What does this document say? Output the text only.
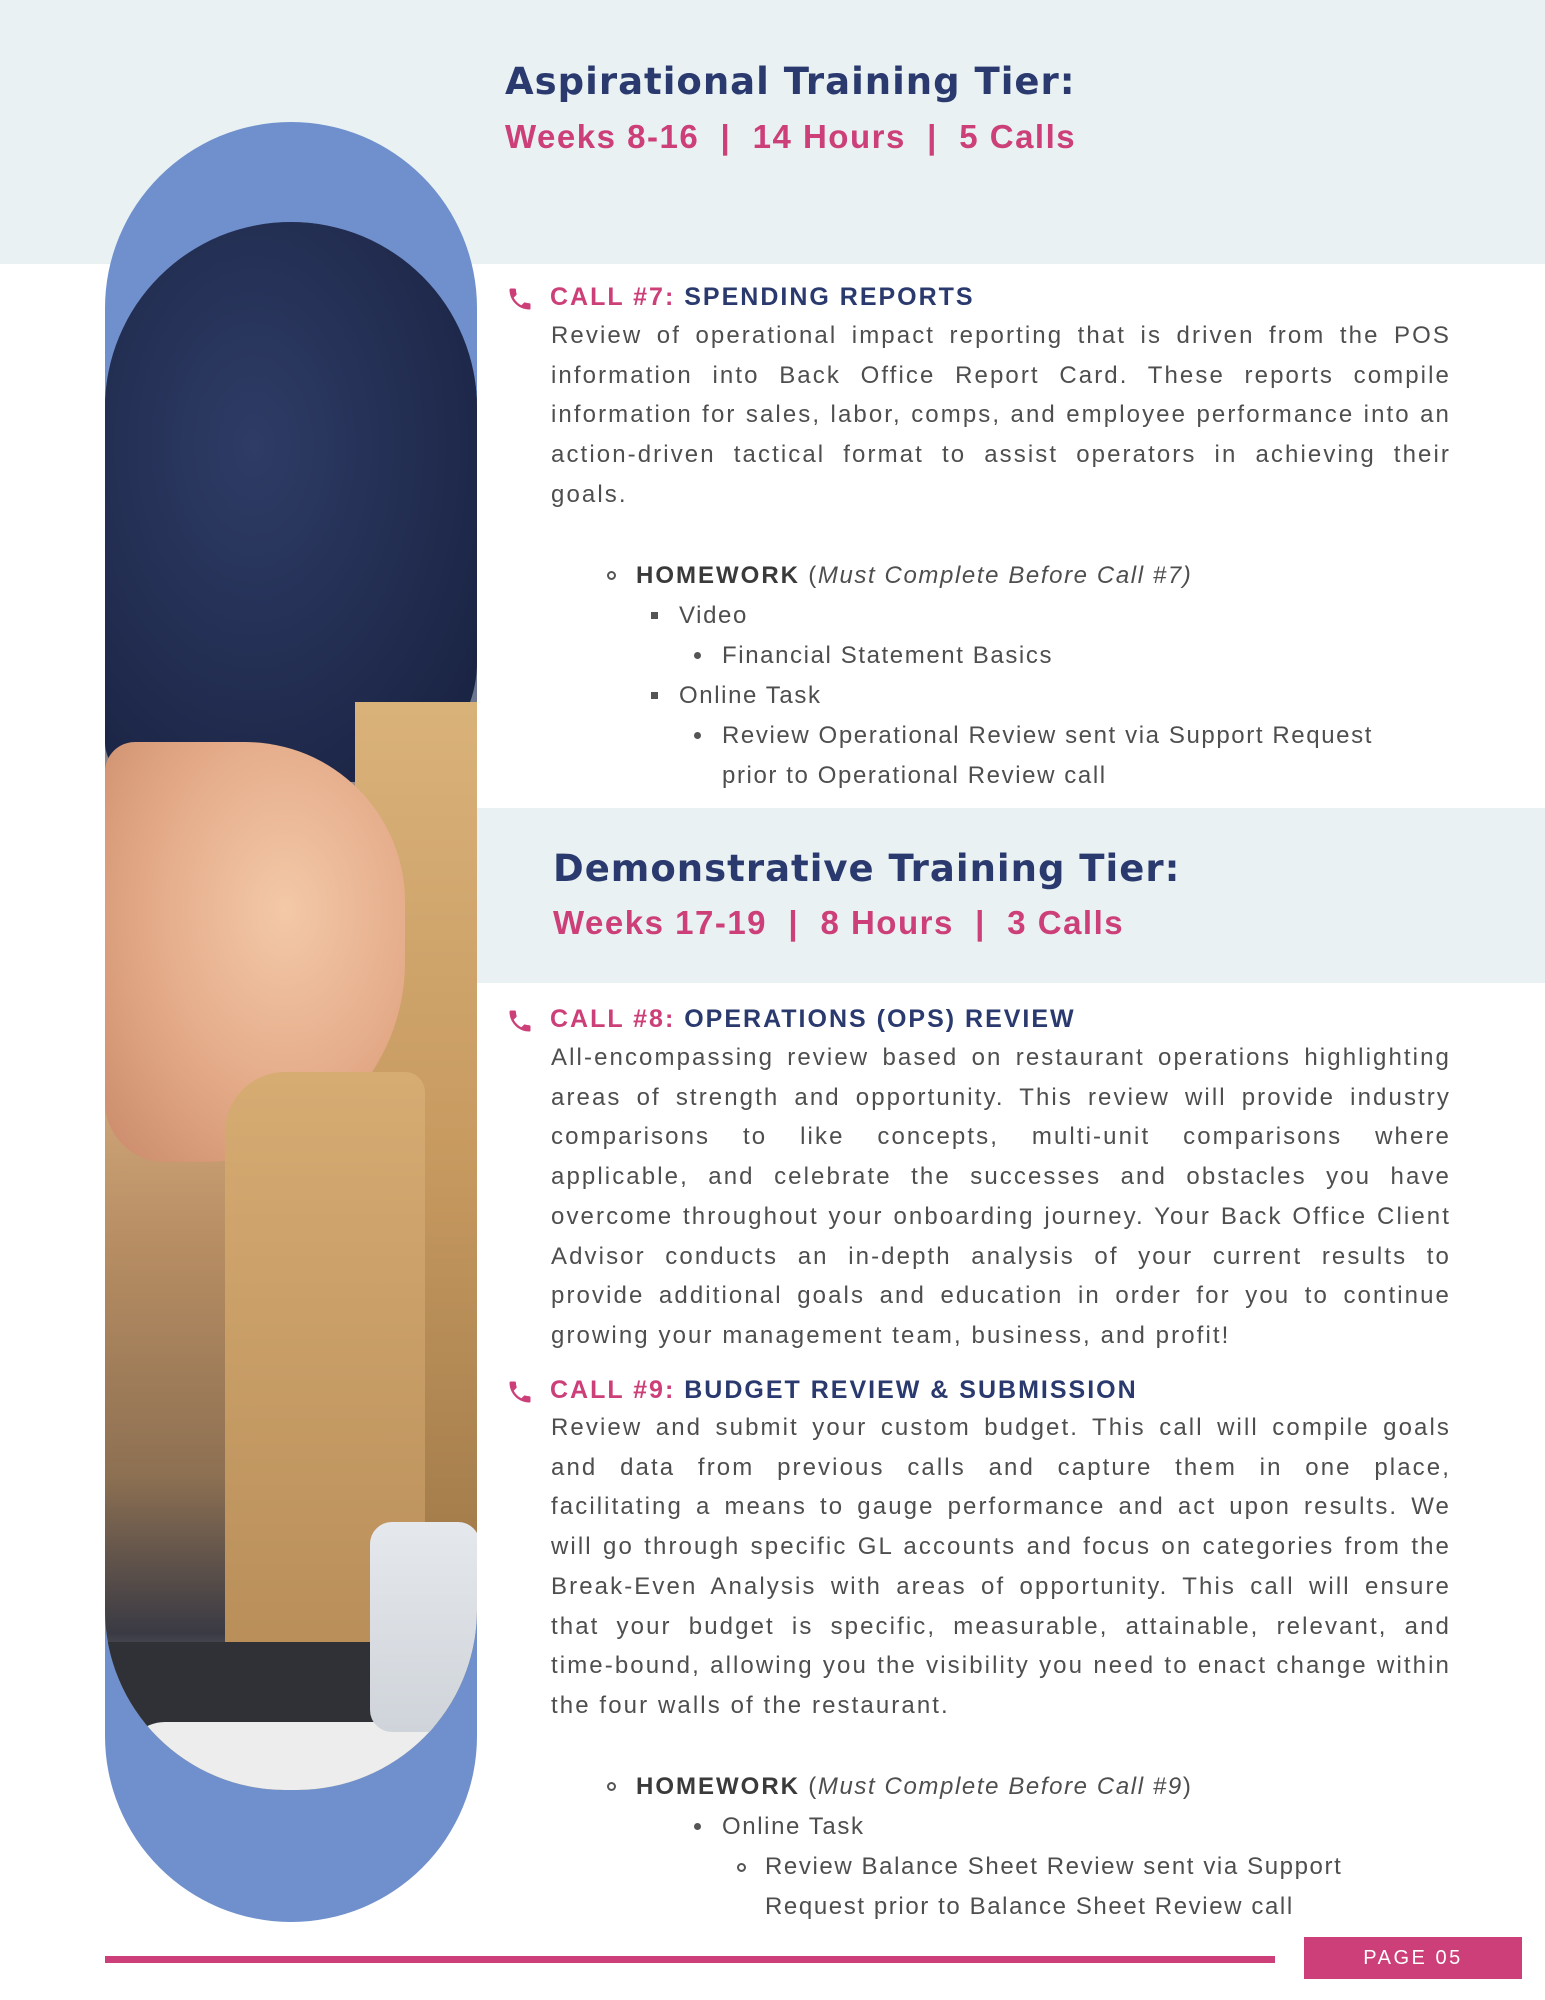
Aspirational Training Tier:
Weeks 8-16  |  14 Hours  |  5 Calls
Demonstrative Training Tier:
Weeks 17-19  |  8 Hours  |  3 Calls
CALL #7: SPENDING REPORTS

Review of operational impact reporting that is driven from the POS information into Back Office Report Card. These reports compile information for sales, labor, comps, and employee performance into an action-driven tactical format to assist operators in achieving their goals.

HOMEWORK (Must Complete Before Call #7)
Video
Financial Statement Basics
Online Task
Review Operational Review sent via Support Request
prior to Operational Review call
CALL #8: OPERATIONS (OPS) REVIEW

All-encompassing review based on restaurant operations highlighting areas of strength and opportunity. This review will provide industry comparisons to like concepts, multi-unit comparisons where applicable, and celebrate the successes and obstacles you have overcome throughout your onboarding journey. Your Back Office Client Advisor conducts an in-depth analysis of your current results to provide additional goals and education in order for you to continue growing your management team, business, and profit!

CALL #9: BUDGET REVIEW & SUBMISSION

Review and submit your custom budget. This call will compile goals and data from previous calls and capture them in one place, facilitating a means to gauge performance and act upon results. We will go through specific GL accounts and focus on categories from the Break-Even Analysis with areas of opportunity. This call will ensure that your budget is specific, measurable, attainable, relevant, and time-bound, allowing you the visibility you need to enact change within the four walls of the restaurant.

HOMEWORK (Must Complete Before Call #9)
Online Task
Review Balance Sheet Review sent via Support
Request prior to Balance Sheet Review call
PAGE 05
